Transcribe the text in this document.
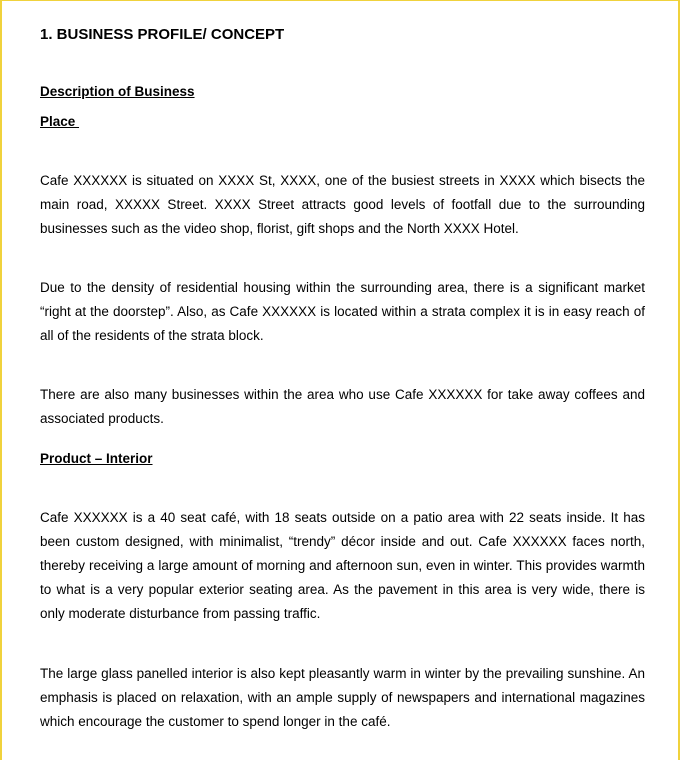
1. BUSINESS PROFILE/ CONCEPT
Description of Business
Place

Cafe XXXXXX is situated on XXXX St, XXXX, one of the busiest streets in XXXX which bisects the main road, XXXXX Street. XXXX Street attracts good levels of footfall due to the surrounding businesses such as the video shop, florist, gift shops and the North XXXX Hotel.

Due to the density of residential housing within the surrounding area, there is a significant market “right at the doorstep”. Also, as Cafe XXXXXX is located within a strata complex it is in easy reach of all of the residents of the strata block.

There are also many businesses within the area who use Cafe XXXXXX for take away coffees and associated products.

Product – Interior

Cafe XXXXXX is a 40 seat café, with 18 seats outside on a patio area with 22 seats inside. It has been custom designed, with minimalist, “trendy” décor inside and out. Cafe XXXXXX faces north, thereby receiving a large amount of morning and afternoon sun, even in winter. This provides warmth to what is a very popular exterior seating area. As the pavement in this area is very wide, there is only moderate disturbance from passing traffic.

The large glass panelled interior is also kept pleasantly warm in winter by the prevailing sunshine. An emphasis is placed on relaxation, with an ample supply of newspapers and international magazines which encourage the customer to spend longer in the café.
